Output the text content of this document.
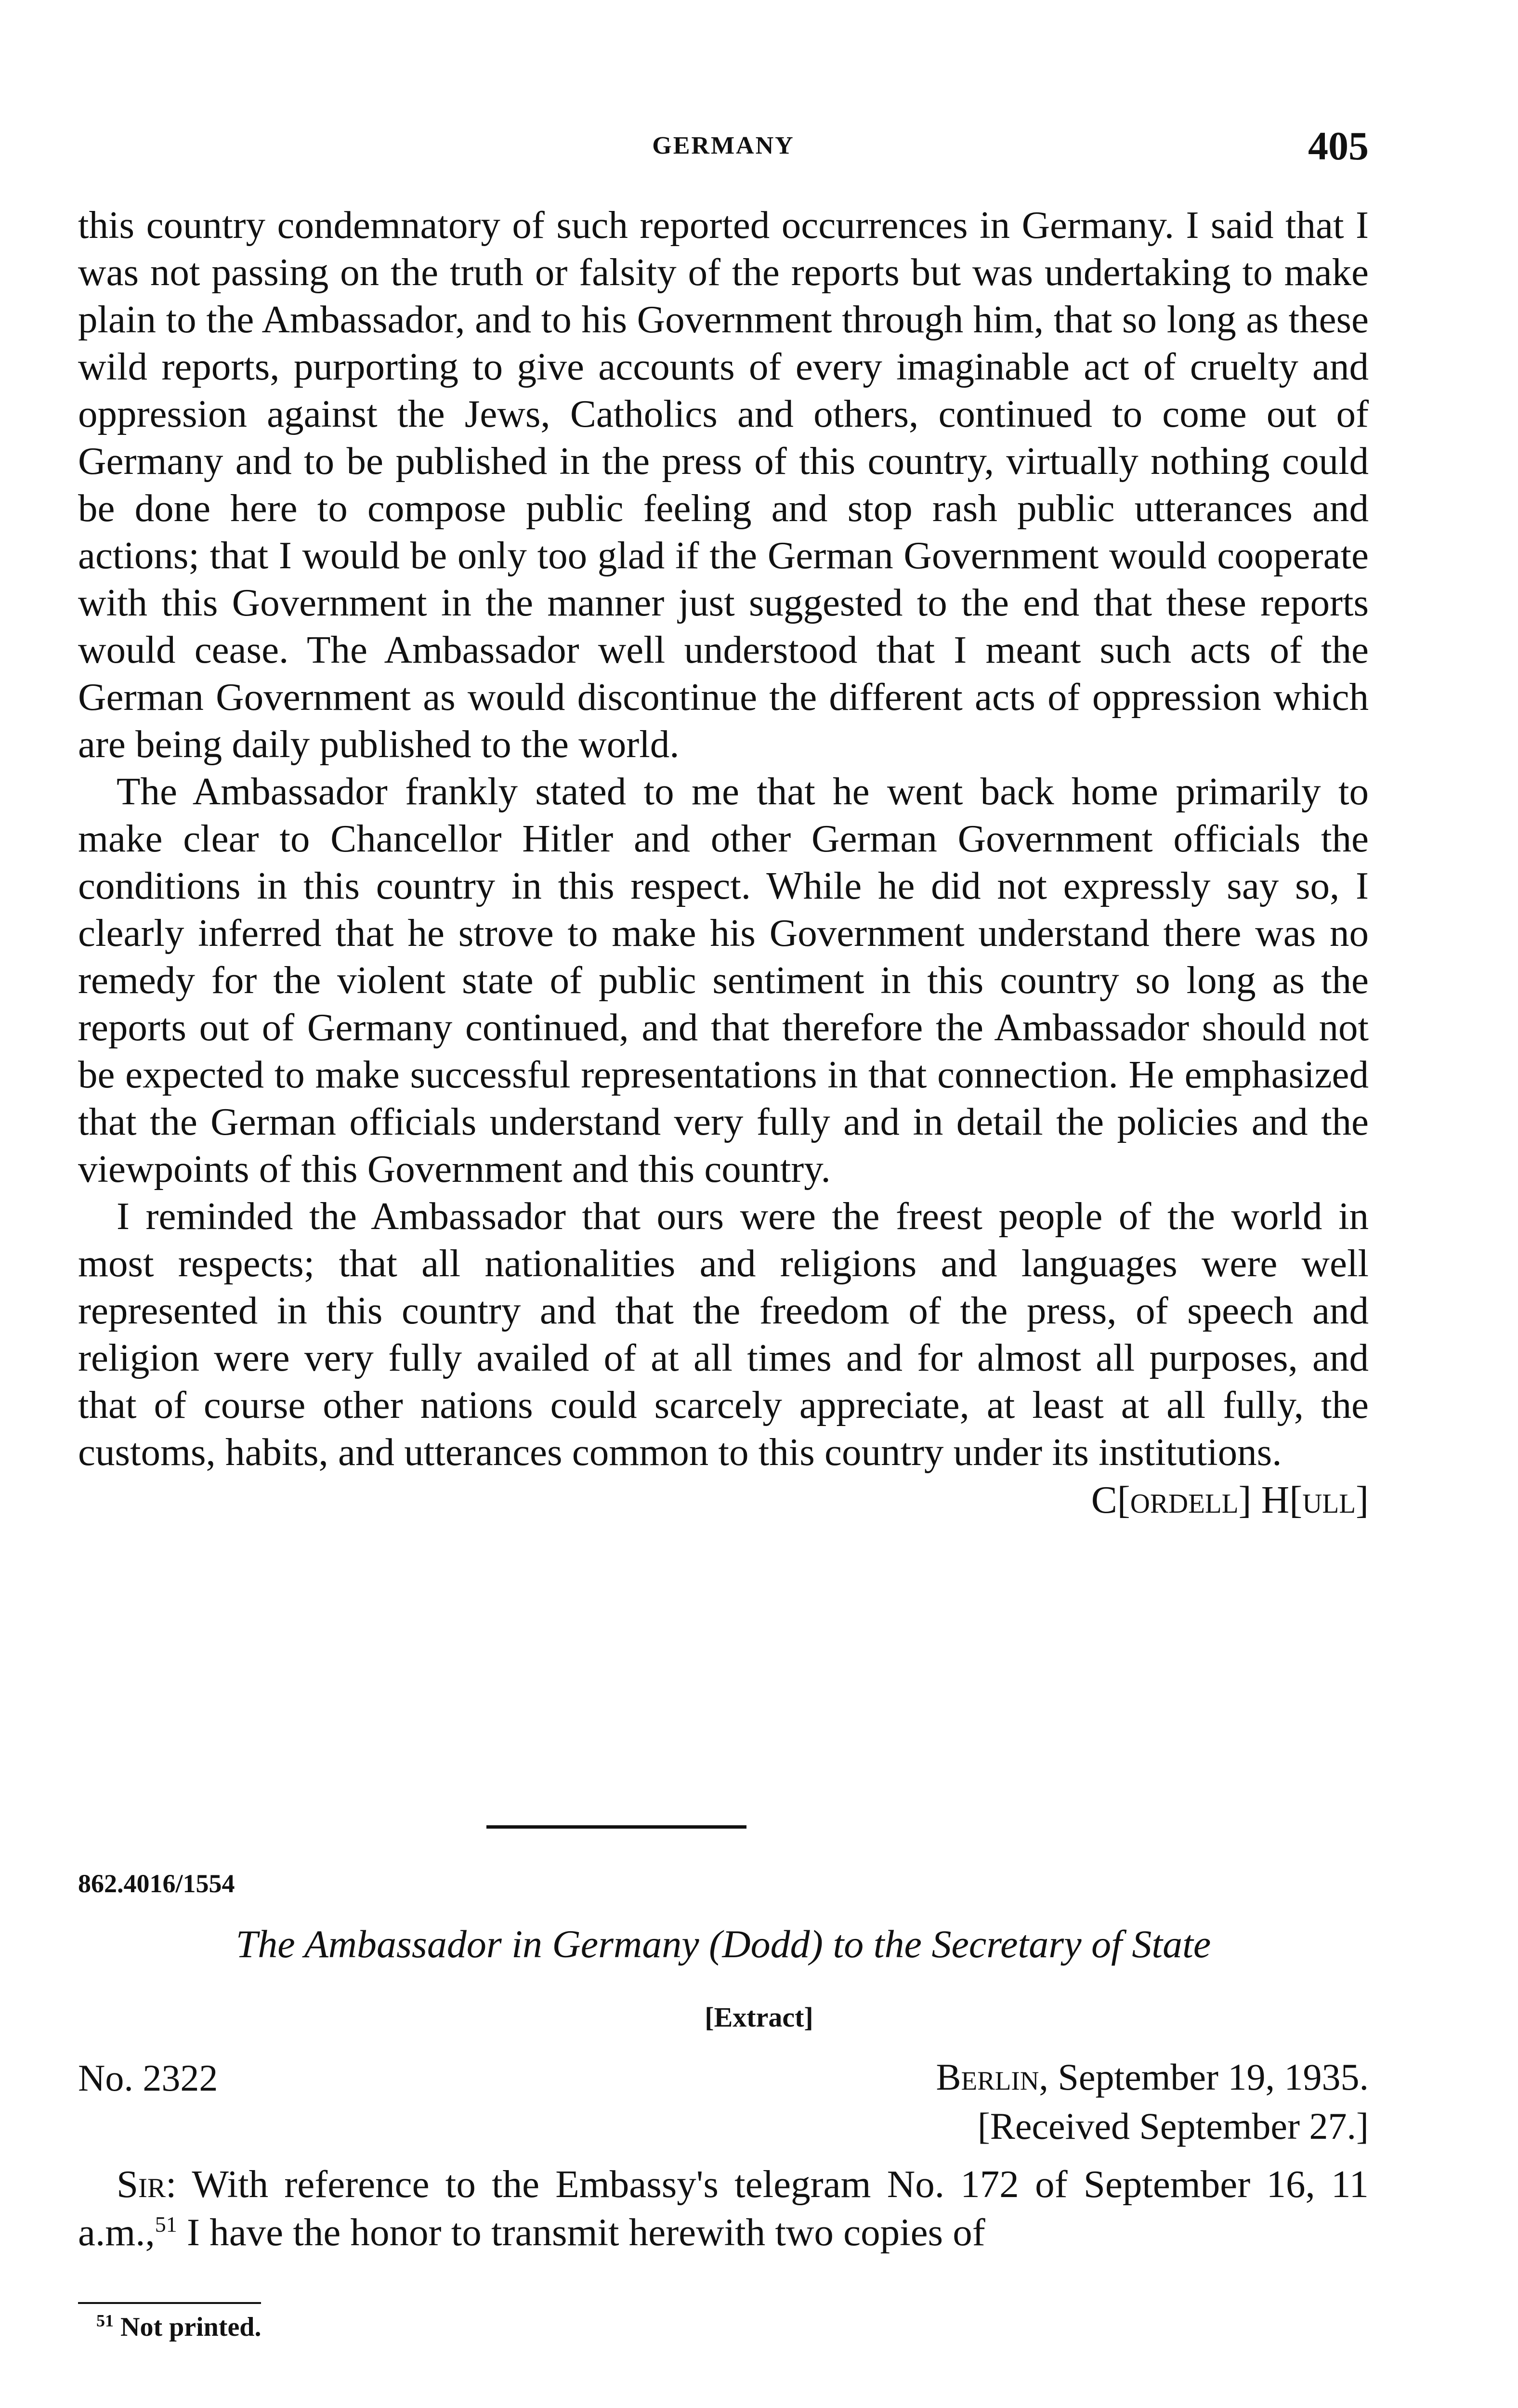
GERMANY	405

this country condemnatory of such reported occurrences in Germany. I said that I was not passing on the truth or falsity of the reports but was undertaking to make plain to the Ambassador, and to his Government through him, that so long as these wild reports, purporting to give accounts of every imaginable act of cruelty and oppression against the Jews, Catholics and others, continued to come out of Germany and to be published in the press of this country, virtually nothing could be done here to compose public feeling and stop rash public utterances and actions; that I would be only too glad if the German Government would cooperate with this Government in the manner just suggested to the end that these reports would cease. The Ambassador well understood that I meant such acts of the German Government as would discontinue the different acts of oppression which are being daily published to the world.

The Ambassador frankly stated to me that he went back home primarily to make clear to Chancellor Hitler and other German Government officials the conditions in this country in this respect. While he did not expressly say so, I clearly inferred that he strove to make his Government understand there was no remedy for the violent state of public sentiment in this country so long as the reports out of Germany continued, and that therefore the Ambassador should not be expected to make successful representations in that connection. He emphasized that the German officials understand very fully and in detail the policies and the viewpoints of this Government and this country.

I reminded the Ambassador that ours were the freest people of the world in most respects; that all nationalities and religions and languages were well represented in this country and that the freedom of the press, of speech and religion were very fully availed of at all times and for almost all purposes, and that of course other nations could scarcely appreciate, at least at all fully, the customs, habits, and utterances common to this country under its institutions.

C[ordell] H[ull]
862.4016/1554
The Ambassador in Germany (Dodd) to the Secretary of State
[Extract]
No. 2322	Berlin, September 19, 1935.
[Received September 27.]

Sir: With reference to the Embassy's telegram No. 172 of September 16, 11 a.m.,$^{51}$ I have the honor to transmit herewith two copies of

$^{51}$ Not printed.
